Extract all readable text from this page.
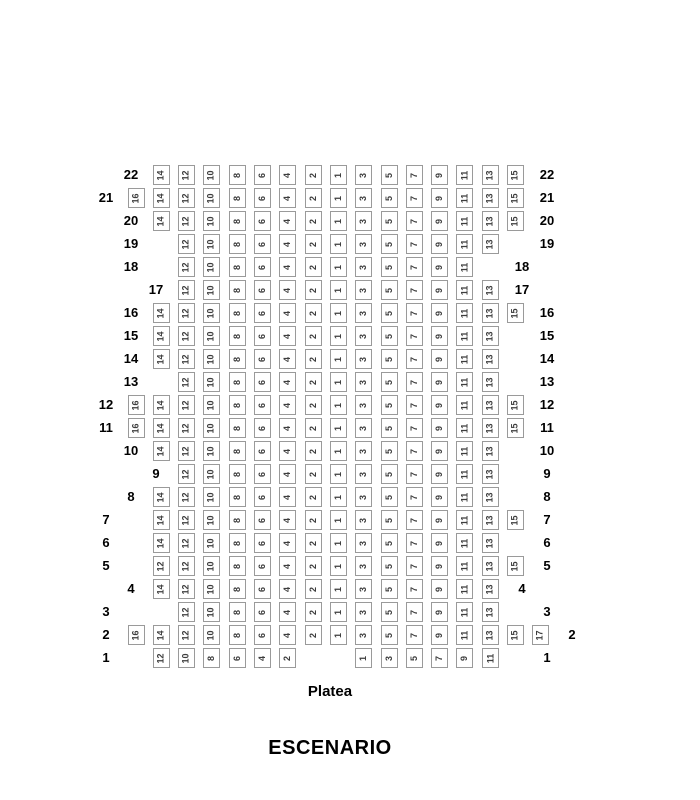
22	14 12 10 8 6 4 2 1 3 5 7 9 11 13 15	22
21	16 14 12 10 8 6 4 2 1 3 5 7 9 11 13 15	21
20	14 12 10 8 6 4 2 1 3 5 7 9 11 13 15	20
19	12 10 8 6 4 2 1 3 5 7 9 11 13	19
18	12 10 8 6 4 2 1 3 5 7 9 11	18
17	12 10 8 6 4 2 1 3 5 7 9 11 13	17
16	14 12 10 8 6 4 2 1 3 5 7 9 11 13 15	16
15	14 12 10 8 6 4 2 1 3 5 7 9 11 13	15
14	14 12 10 8 6 4 2 1 3 5 7 9 11 13	14
13	12 10 8 6 4 2 1 3 5 7 9 11 13	13
12	16 14 12 10 8 6 4 2 1 3 5 7 9 11 13 15	12
11	16 14 12 10 8 6 4 2 1 3 5 7 9 11 13 15	11
10	14 12 10 8 6 4 2 1 3 5 7 9 11 13	10
9	12 10 8 6 4 2 1 3 5 7 9 11 13	9
8	14 12 10 8 6 4 2 1 3 5 7 9 11 13	8
7	14 12 10 8 6 4 2 1 3 5 7 9 11 13 15	7
6	14 12 10 8 6 4 2 1 3 5 7 9 11 13	6
5	12 12 10 8 6 4 2 1 3 5 7 9 11 13 15	5
4	14 12 10 8 6 4 2 1 3 5 7 9 11 13	4
3	12 10 8 6 4 2 1 3 5 7 9 11 13	3
2	16 14 12 10 8 6 4 2 1 3 5 7 9 11 13 15 17	2
1	12 10 8 6 4 2	1 3 5 7 9 11	1
Platea
ESCENARIO
